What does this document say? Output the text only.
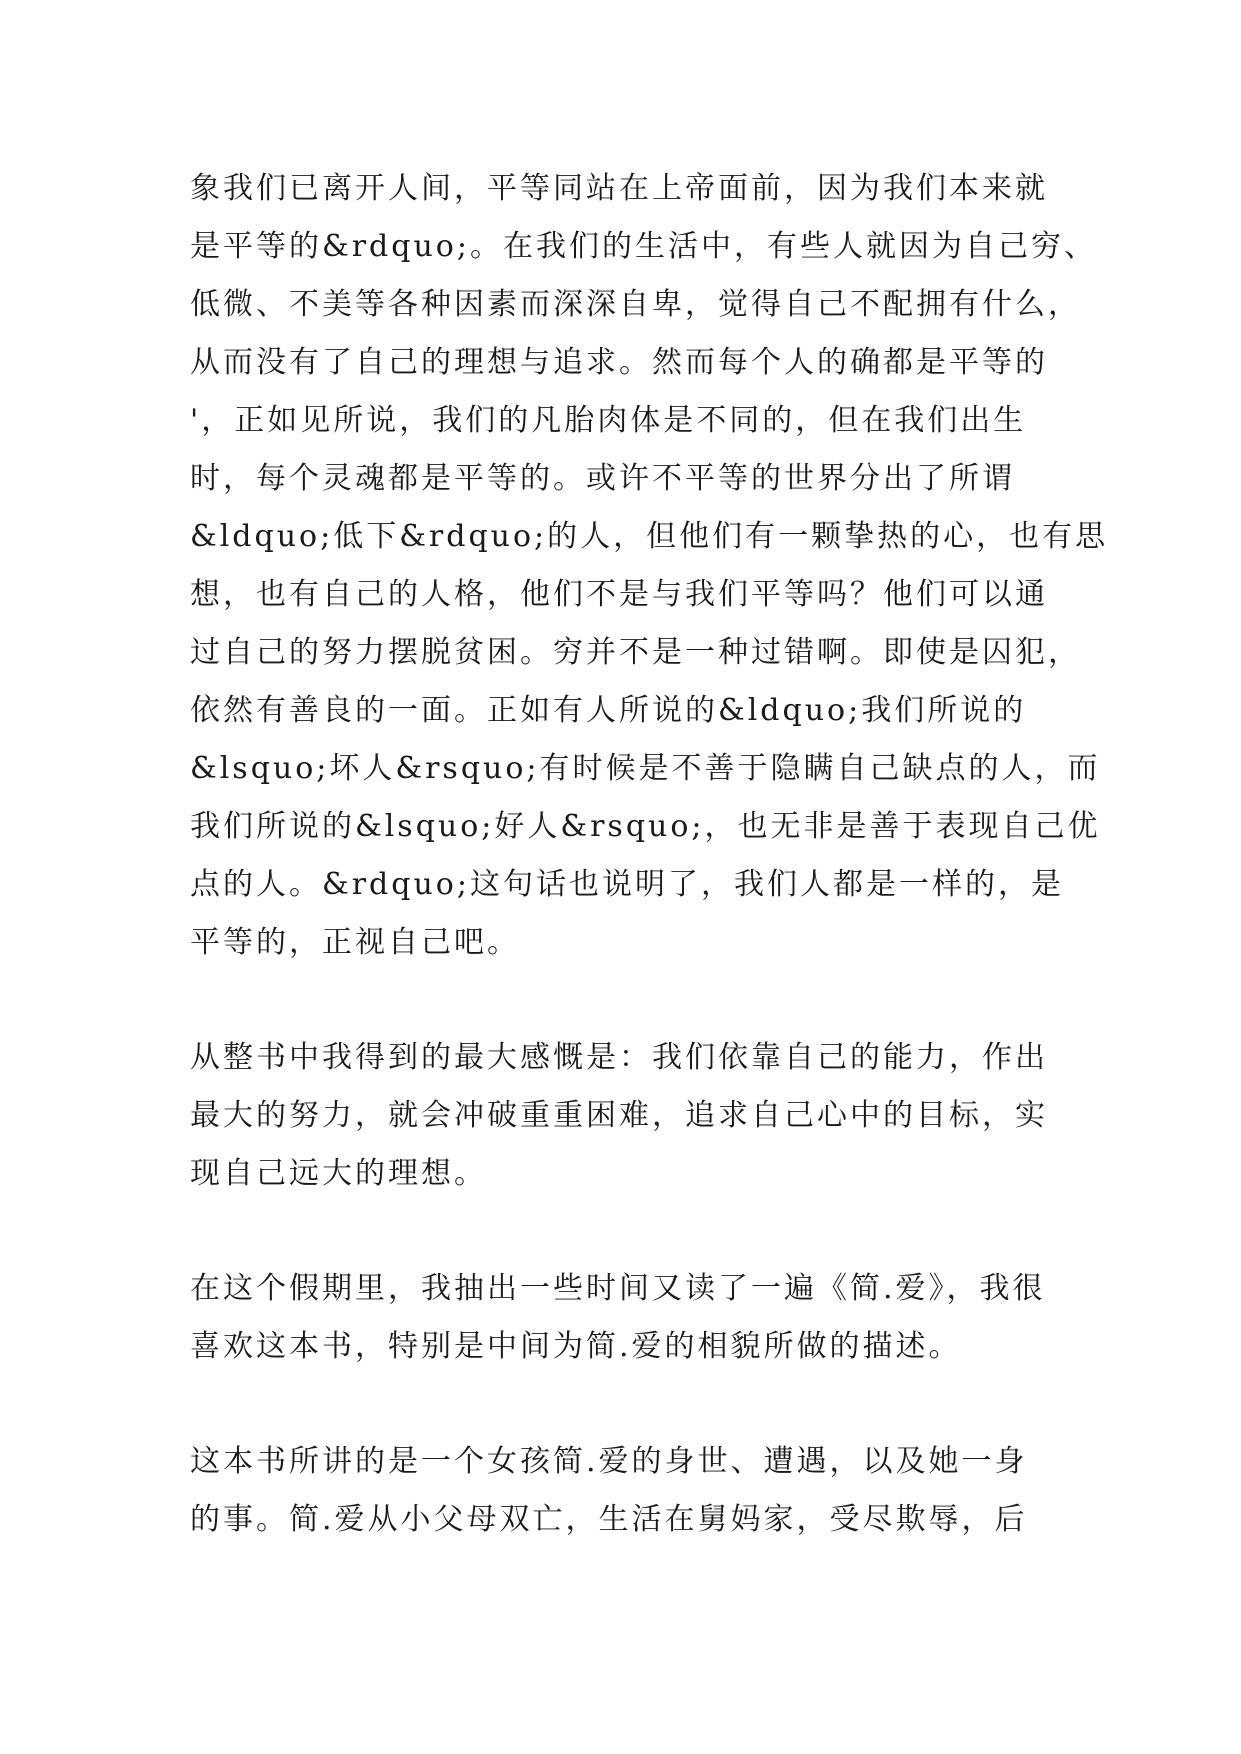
象我们已离开人间，平等同站在上帝面前，因为我们本来就
是平等的&rdquo;。在我们的生活中，有些人就因为自己穷、
低微、不美等各种因素而深深自卑，觉得自己不配拥有什么，
从而没有了自己的理想与追求。然而每个人的确都是平等的
'，正如见所说，我们的凡胎肉体是不同的，但在我们出生
时，每个灵魂都是平等的。或许不平等的世界分出了所谓
&ldquo;低下&rdquo;的人，但他们有一颗挚热的心，也有思
想，也有自己的人格，他们不是与我们平等吗？他们可以通
过自己的努力摆脱贫困。穷并不是一种过错啊。即使是囚犯，
依然有善良的一面。正如有人所说的&ldquo;我们所说的
&lsquo;坏人&rsquo;有时候是不善于隐瞒自己缺点的人，而
我们所说的&lsquo;好人&rsquo;，也无非是善于表现自己优
点的人。&rdquo;这句话也说明了，我们人都是一样的，是
平等的，正视自己吧。
从整书中我得到的最大感慨是：我们依靠自己的能力，作出
最大的努力，就会冲破重重困难，追求自己心中的目标，实
现自己远大的理想。
在这个假期里，我抽出一些时间又读了一遍《简.爱》，我很
喜欢这本书，特别是中间为简.爱的相貌所做的描述。
这本书所讲的是一个女孩简.爱的身世、遭遇，以及她一身
的事。简.爱从小父母双亡，生活在舅妈家，受尽欺辱，后
